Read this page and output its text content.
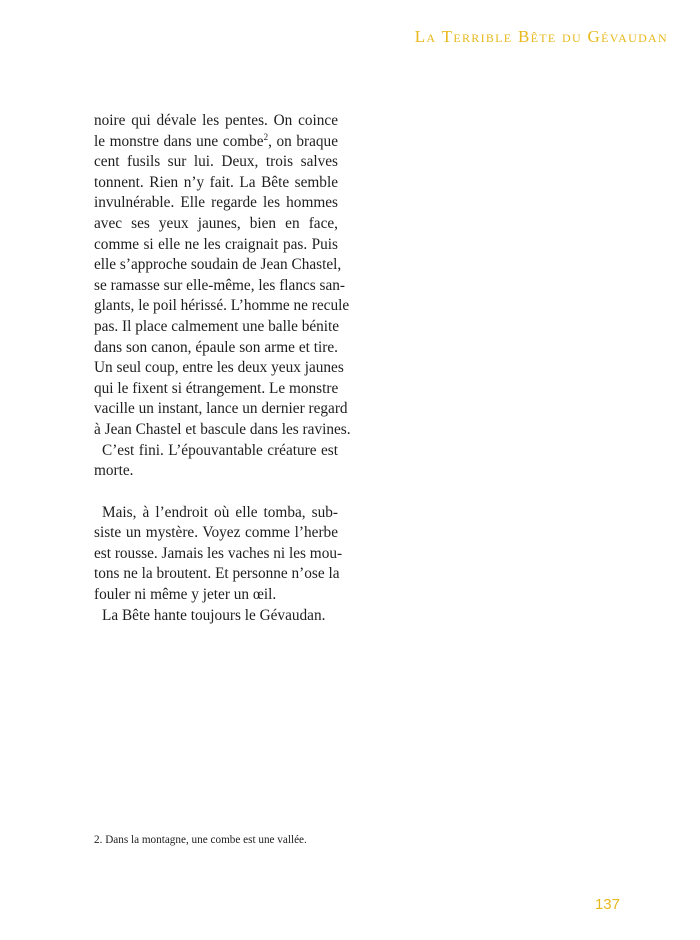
La Terrible Bête du Gévaudan

noire qui dévale les pentes. On coince
le monstre dans une combe$^2$, on braque
cent fusils sur lui. Deux, trois salves
tonnent. Rien n’y fait. La Bête semble
invulnérable. Elle regarde les hommes
avec ses yeux jaunes, bien en face,
comme si elle ne les craignait pas. Puis
elle s’approche soudain de Jean Chastel,
se ramasse sur elle-même, les flancs san-
glants, le poil hérissé. L’homme ne recule
pas. Il place calmement une balle bénite
dans son canon, épaule son arme et tire.
Un seul coup, entre les deux yeux jaunes
qui le fixent si étrangement. Le monstre
vacille un instant, lance un dernier regard
à Jean Chastel et bascule dans les ravines.

C’est fini. L’épouvantable créature est
morte.

Mais, à l’endroit où elle tomba, sub-
siste un mystère. Voyez comme l’herbe
est rousse. Jamais les vaches ni les mou-
tons ne la broutent. Et personne n’ose la
fouler ni même y jeter un œil.

La Bête hante toujours le Gévaudan.

2. Dans la montagne, une combe est une vallée.
137
